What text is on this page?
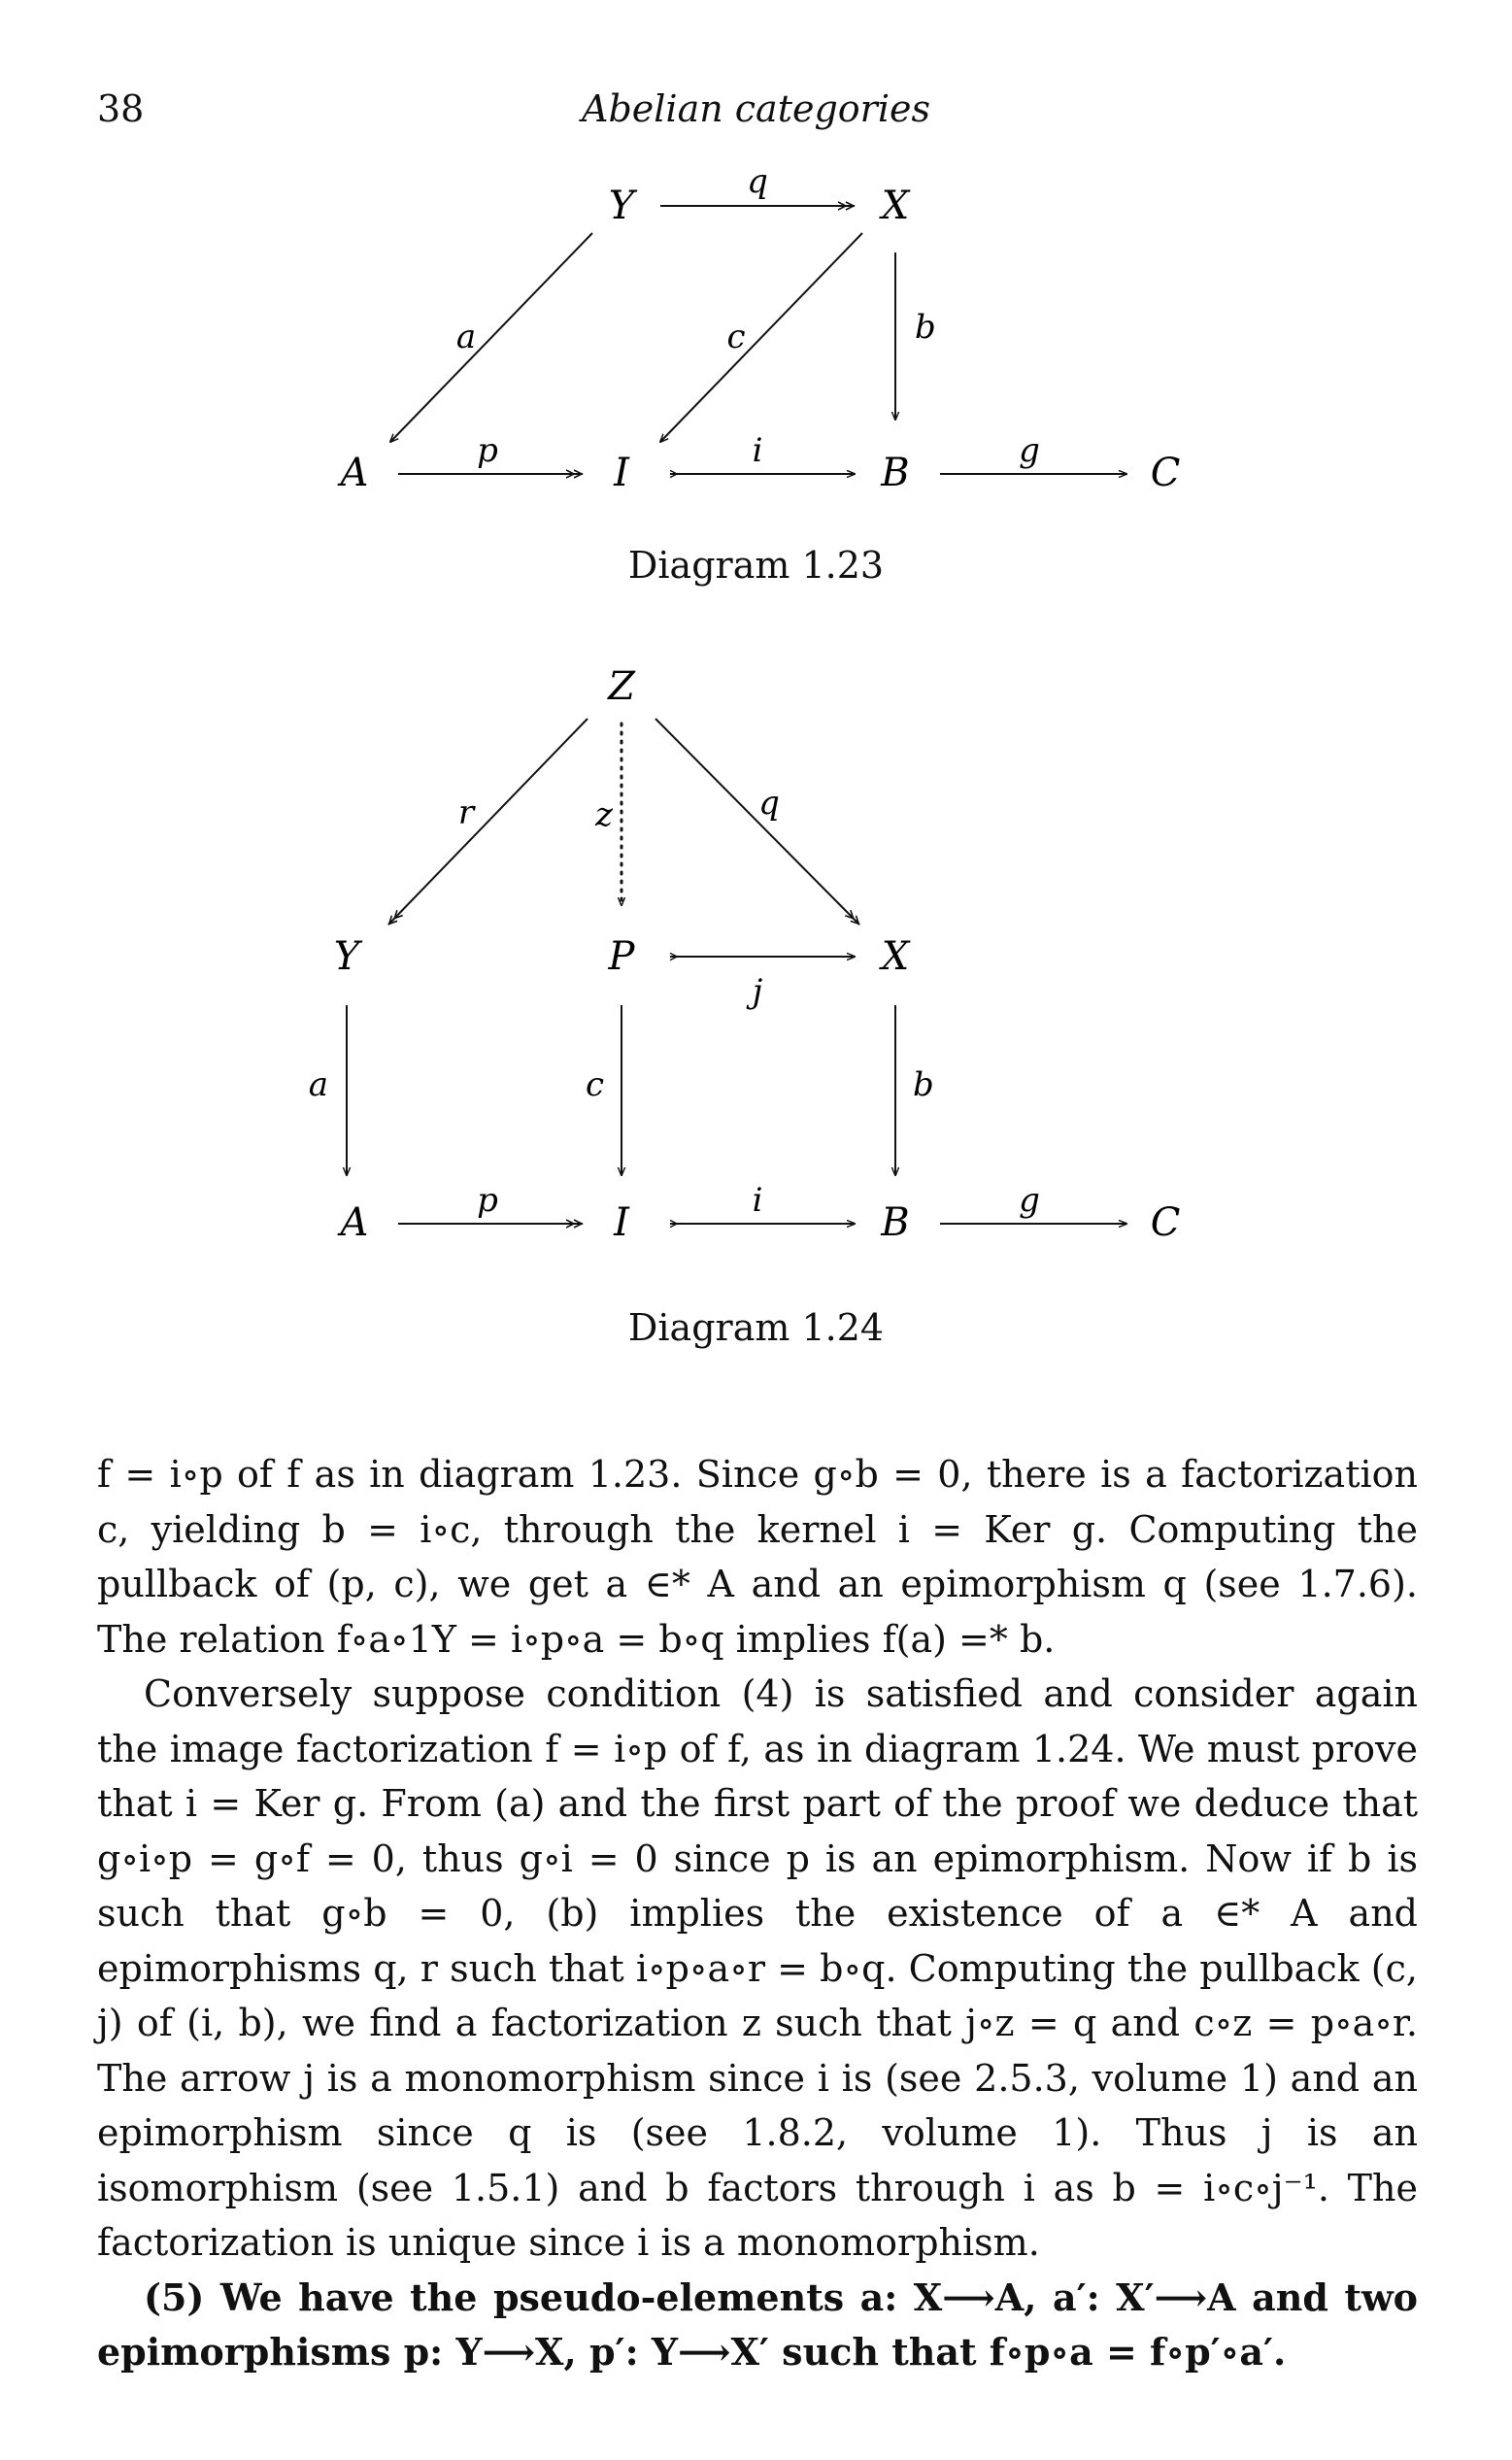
38	Abelian categories
Y	X
A	I	B	C
q
a	c	b
p	i	g
Diagram 1.23
Z
Y	P	X
A	I	B	C
r	z	q
j
a	c	b
p	i	g
Diagram 1.24

f = i∘p of f as in diagram 1.23. Since g∘b = 0, there is a factorization c, yielding b = i∘c, through the kernel i = Ker g. Computing the pullback of (p, c), we get a ∈* A and an epimorphism q (see 1.7.6). The relation f∘a∘1Y = i∘p∘a = b∘q implies f(a) =* b.

Conversely suppose condition (4) is satisfied and consider again the image factorization f = i∘p of f, as in diagram 1.24. We must prove that i = Ker g. From (a) and the first part of the proof we deduce that g∘i∘p = g∘f = 0, thus g∘i = 0 since p is an epimorphism. Now if b is such that g∘b = 0, (b) implies the existence of a ∈* A and epimorphisms q, r such that i∘p∘a∘r = b∘q. Computing the pullback (c, j) of (i, b), we find a factorization z such that j∘z = q and c∘z = p∘a∘r. The arrow j is a monomorphism since i is (see 2.5.3, volume 1) and an epimorphism since q is (see 1.8.2, volume 1). Thus j is an isomorphism (see 1.5.1) and b factors through i as b = i∘c∘j⁻¹. The factorization is unique since i is a monomorphism.

(5) We have the pseudo-elements a: X⟶A, a′: X′⟶A and two epimorphisms p: Y⟶X, p′: Y⟶X′ such that f∘p∘a = f∘p′∘a′.
